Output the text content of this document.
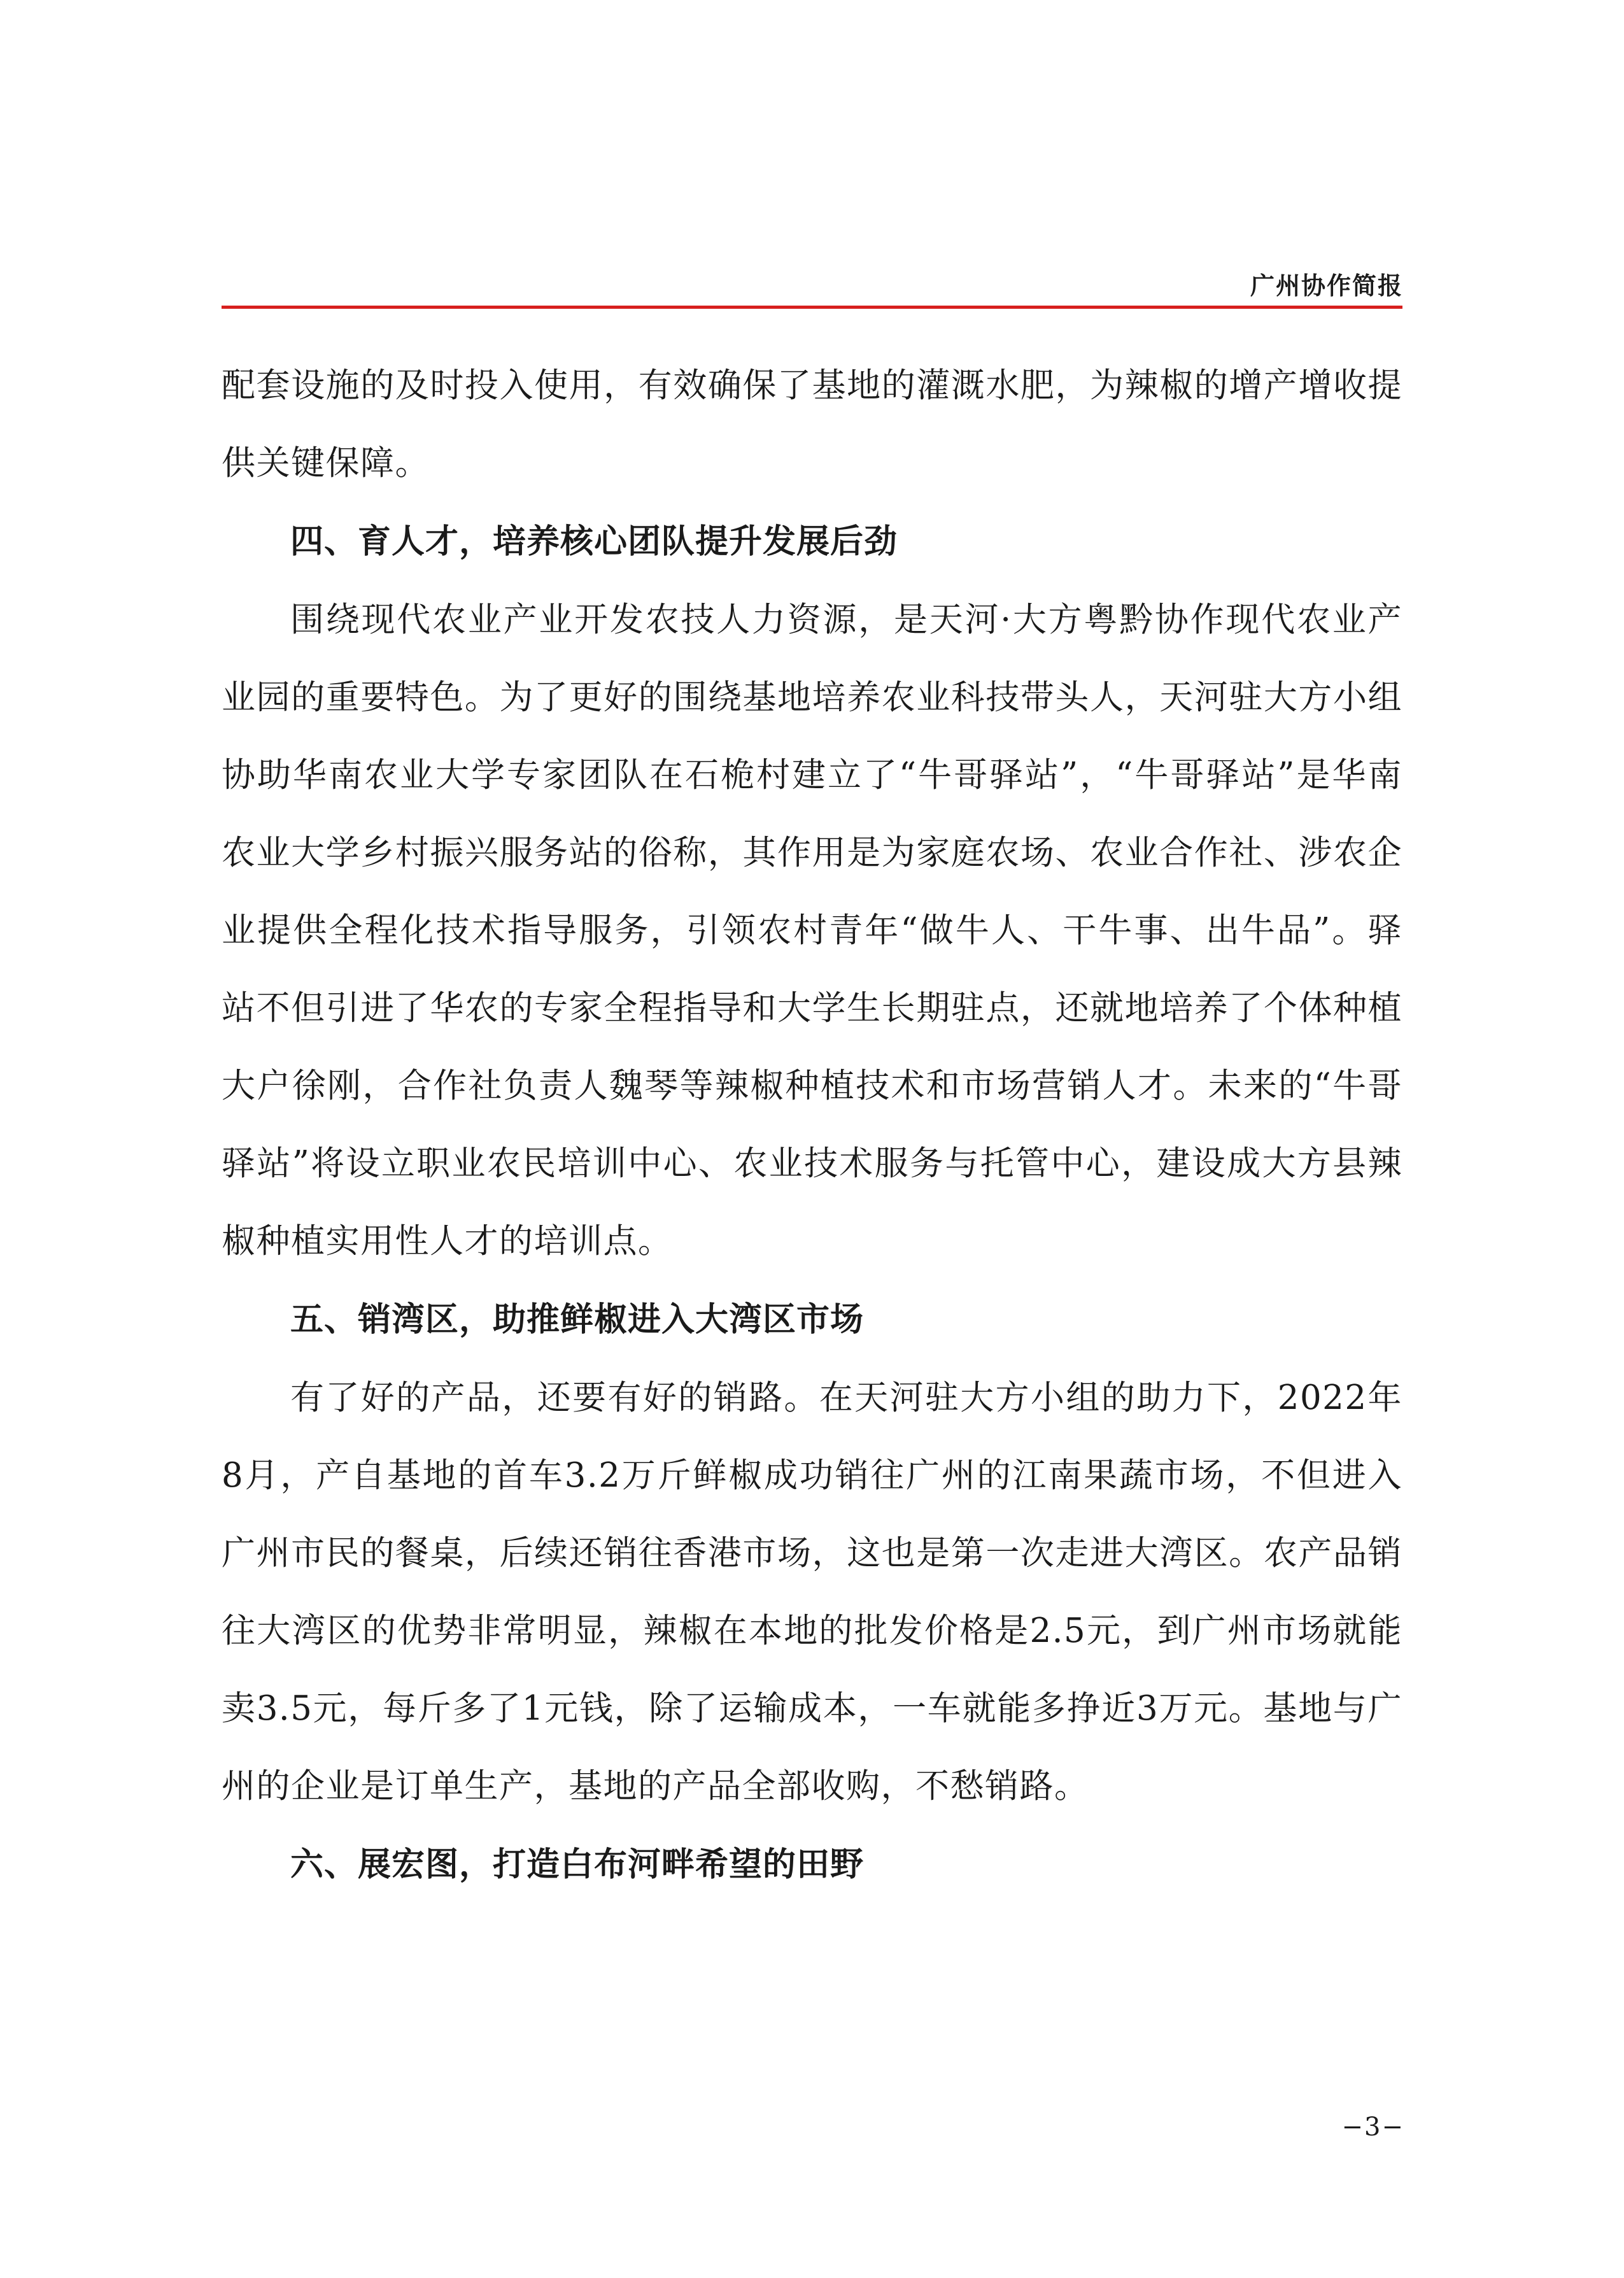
广州协作简报

配套设施的及时投入使用，有效确保了基地的灌溉水肥，为辣椒的增产增收提供关键保障。

四、育人才，培养核心团队提升发展后劲

围绕现代农业产业开发农技人力资源，是天河·大方粤黔协作现代农业产业园的重要特色。为了更好的围绕基地培养农业科技带头人，天河驻大方小组协助华南农业大学专家团队在石桅村建立了“牛哥驿站”，“牛哥驿站”是华南农业大学乡村振兴服务站的俗称，其作用是为家庭农场、农业合作社、涉农企业提供全程化技术指导服务，引领农村青年“做牛人、干牛事、出牛品”。驿站不但引进了华农的专家全程指导和大学生长期驻点，还就地培养了个体种植大户徐刚，合作社负责人魏琴等辣椒种植技术和市场营销人才。未来的“牛哥驿站”将设立职业农民培训中心、农业技术服务与托管中心，建设成大方县辣椒种植实用性人才的培训点。

五、销湾区，助推鲜椒进入大湾区市场

有了好的产品，还要有好的销路。在天河驻大方小组的助力下，2022年8月，产自基地的首车3.2万斤鲜椒成功销往广州的江南果蔬市场，不但进入广州市民的餐桌，后续还销往香港市场，这也是第一次走进大湾区。农产品销往大湾区的优势非常明显，辣椒在本地的批发价格是2.5元，到广州市场就能卖3.5元，每斤多了1元钱，除了运输成本，一车就能多挣近3万元。基地与广州的企业是订单生产，基地的产品全部收购，不愁销路。

六、展宏图，打造白布河畔希望的田野

−3−
